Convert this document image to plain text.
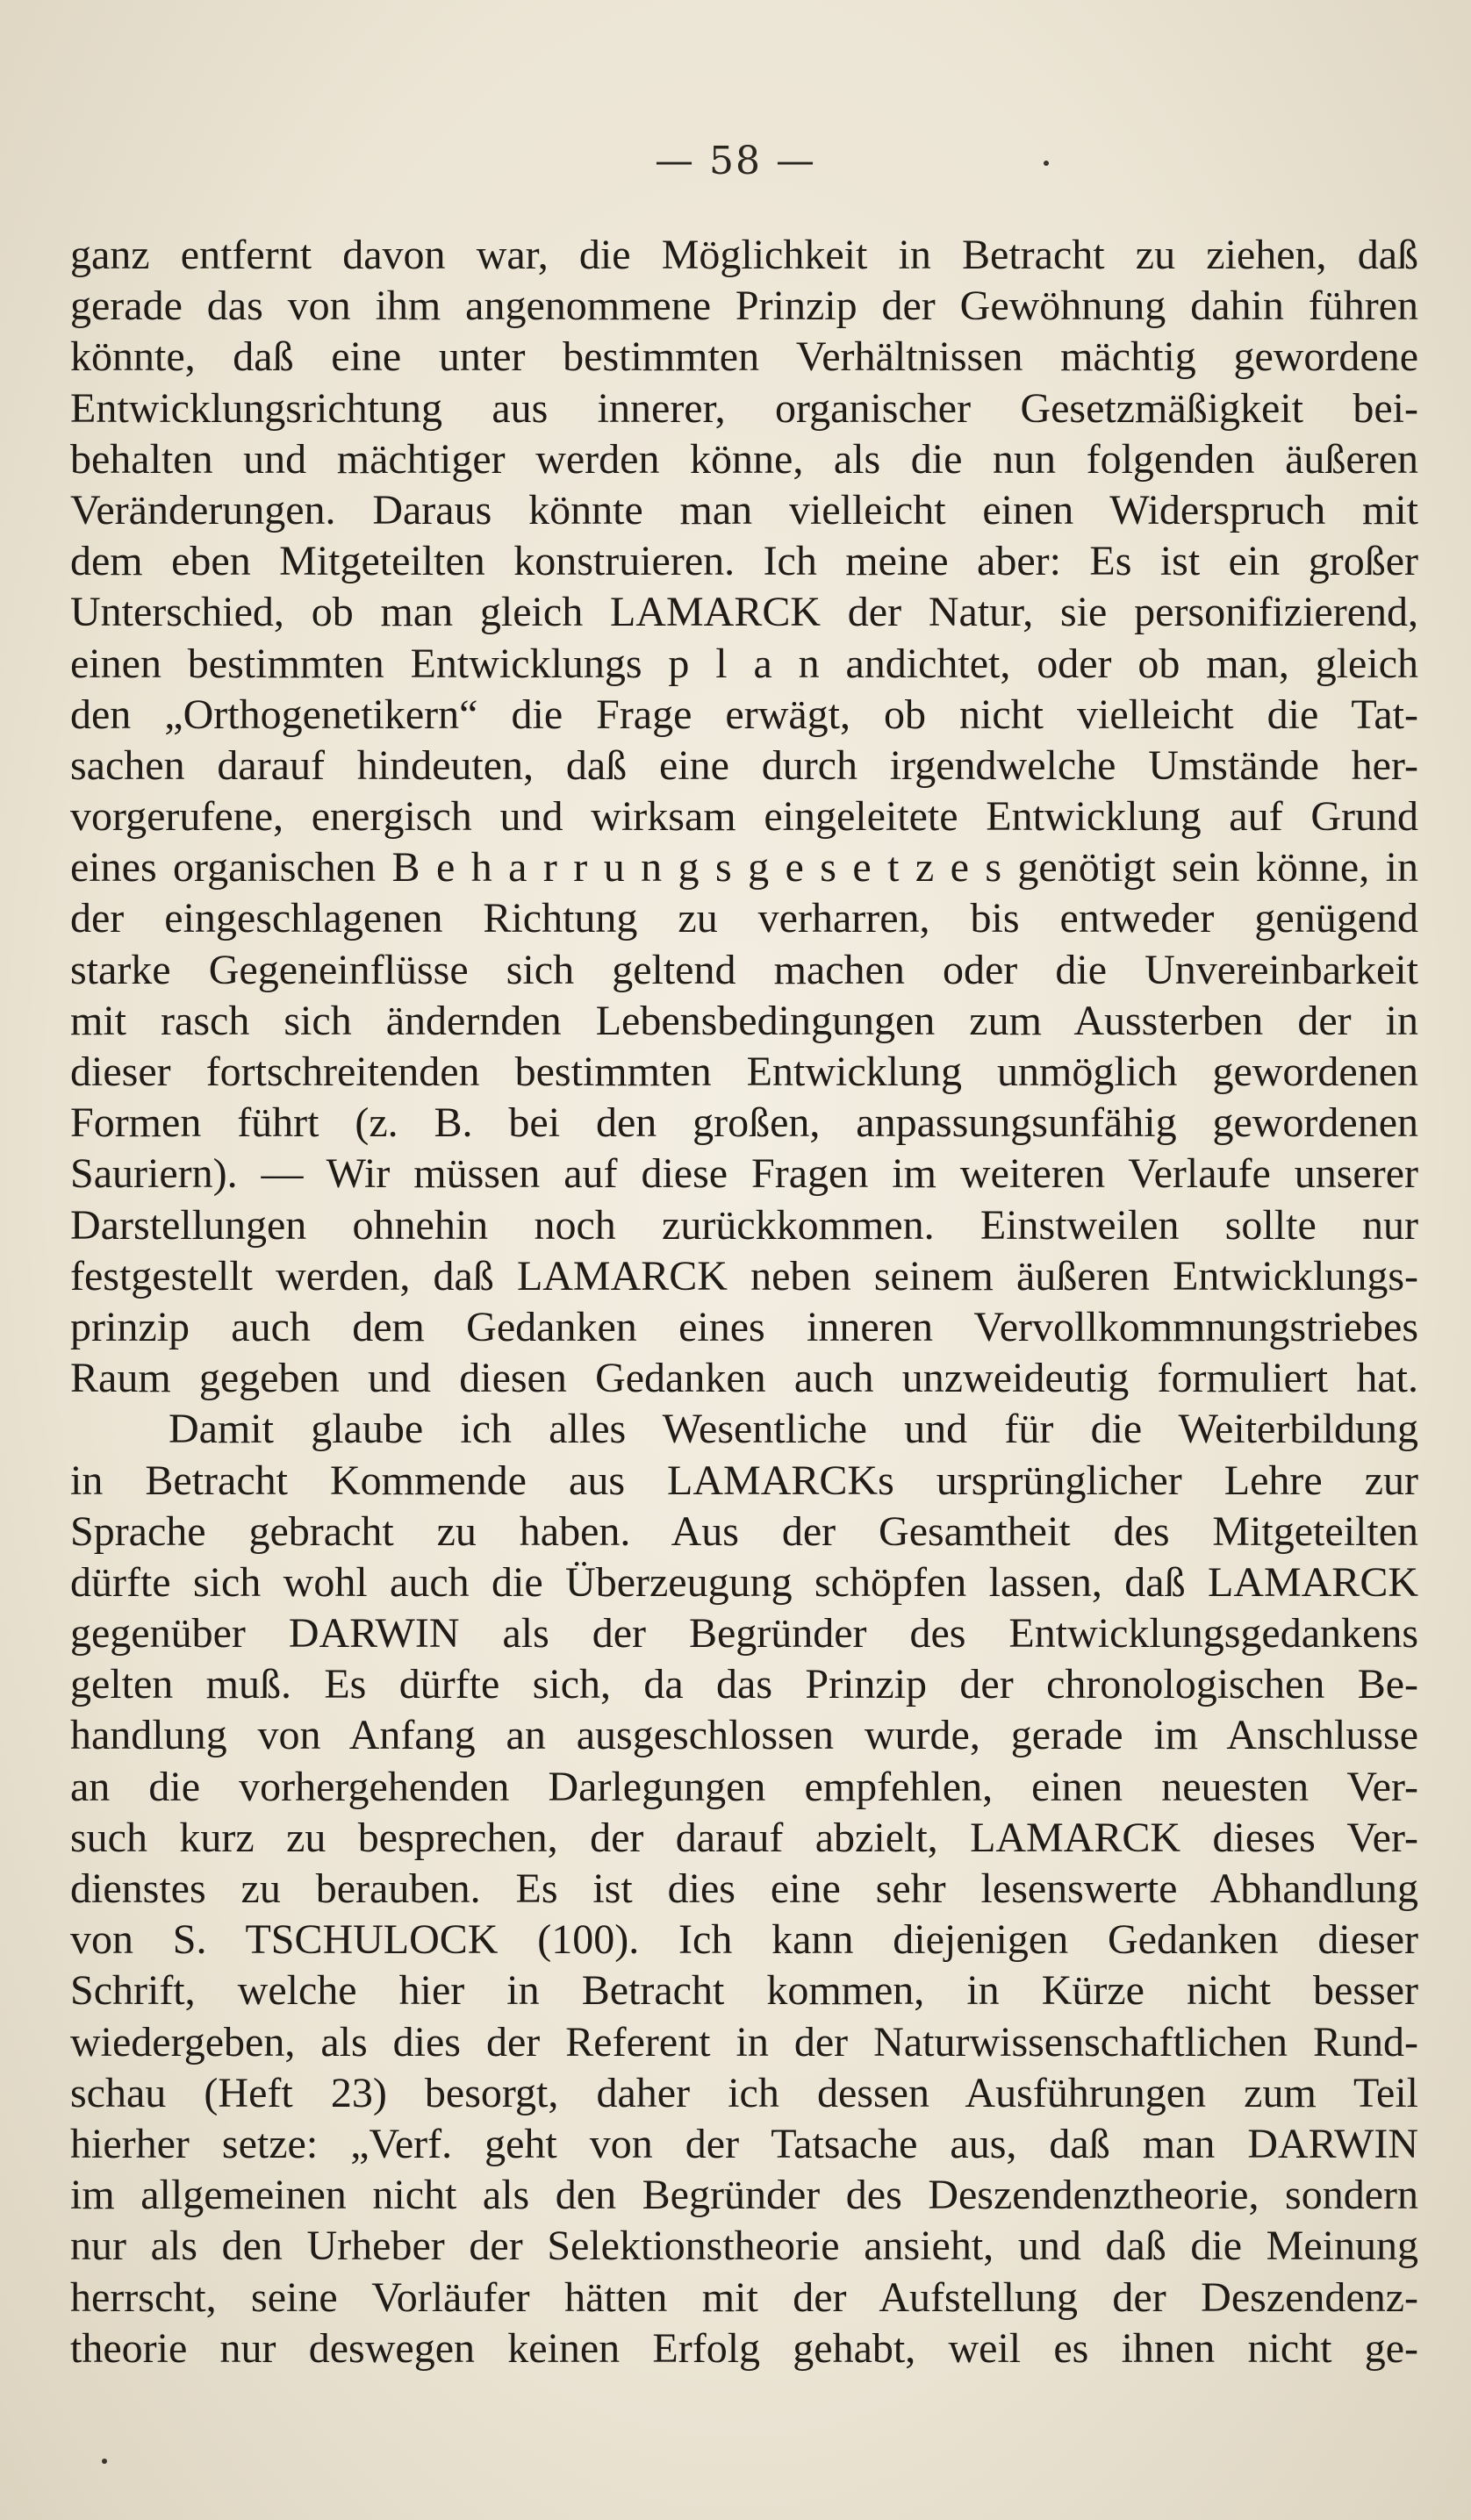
— 58 —
ganz entfernt davon war, die Möglichkeit in Betracht zu ziehen, daß
gerade das von ihm angenommene Prinzip der Gewöhnung dahin führen
könnte, daß eine unter bestimmten Verhältnissen mächtig gewordene
Entwicklungsrichtung aus innerer, organischer Gesetzmäßigkeit bei-
behalten und mächtiger werden könne, als die nun folgenden äußeren
Veränderungen. Daraus könnte man vielleicht einen Widerspruch mit
dem eben Mitgeteilten konstruieren. Ich meine aber: Es ist ein großer
Unterschied, ob man gleich LAMARCK der Natur, sie personifizierend,
einen bestimmten Entwicklungs p l a n andichtet, oder ob man, gleich
den „Orthogenetikern“ die Frage erwägt, ob nicht vielleicht die Tat-
sachen darauf hindeuten, daß eine durch irgendwelche Umstände her-
vorgerufene, energisch und wirksam eingeleitete Entwicklung auf Grund
eines organischen B e h a r r u n g s g e s e t z e s genötigt sein könne, in
der eingeschlagenen Richtung zu verharren, bis entweder genügend
starke Gegeneinflüsse sich geltend machen oder die Unvereinbarkeit
mit rasch sich ändernden Lebensbedingungen zum Aussterben der in
dieser fortschreitenden bestimmten Entwicklung unmöglich gewordenen
Formen führt (z. B. bei den großen, anpassungsunfähig gewordenen
Sauriern). — Wir müssen auf diese Fragen im weiteren Verlaufe unserer
Darstellungen ohnehin noch zurückkommen. Einstweilen sollte nur
festgestellt werden, daß LAMARCK neben seinem äußeren Entwicklungs-
prinzip auch dem Gedanken eines inneren Vervollkommnungstriebes
Raum gegeben und diesen Gedanken auch unzweideutig formuliert hat.
Damit glaube ich alles Wesentliche und für die Weiterbildung
in Betracht Kommende aus LAMARCKs ursprünglicher Lehre zur
Sprache gebracht zu haben. Aus der Gesamtheit des Mitgeteilten
dürfte sich wohl auch die Überzeugung schöpfen lassen, daß LAMARCK
gegenüber DARWIN als der Begründer des Entwicklungsgedankens
gelten muß. Es dürfte sich, da das Prinzip der chronologischen Be-
handlung von Anfang an ausgeschlossen wurde, gerade im Anschlusse
an die vorhergehenden Darlegungen empfehlen, einen neuesten Ver-
such kurz zu besprechen, der darauf abzielt, LAMARCK dieses Ver-
dienstes zu berauben. Es ist dies eine sehr lesenswerte Abhandlung
von S. TSCHULOCK (100). Ich kann diejenigen Gedanken dieser
Schrift, welche hier in Betracht kommen, in Kürze nicht besser
wiedergeben, als dies der Referent in der Naturwissenschaftlichen Rund-
schau (Heft 23) besorgt, daher ich dessen Ausführungen zum Teil
hierher setze: „Verf. geht von der Tatsache aus, daß man DARWIN
im allgemeinen nicht als den Begründer des Deszendenztheorie, sondern
nur als den Urheber der Selektionstheorie ansieht, und daß die Meinung
herrscht, seine Vorläufer hätten mit der Aufstellung der Deszendenz-
theorie nur deswegen keinen Erfolg gehabt, weil es ihnen nicht ge-
